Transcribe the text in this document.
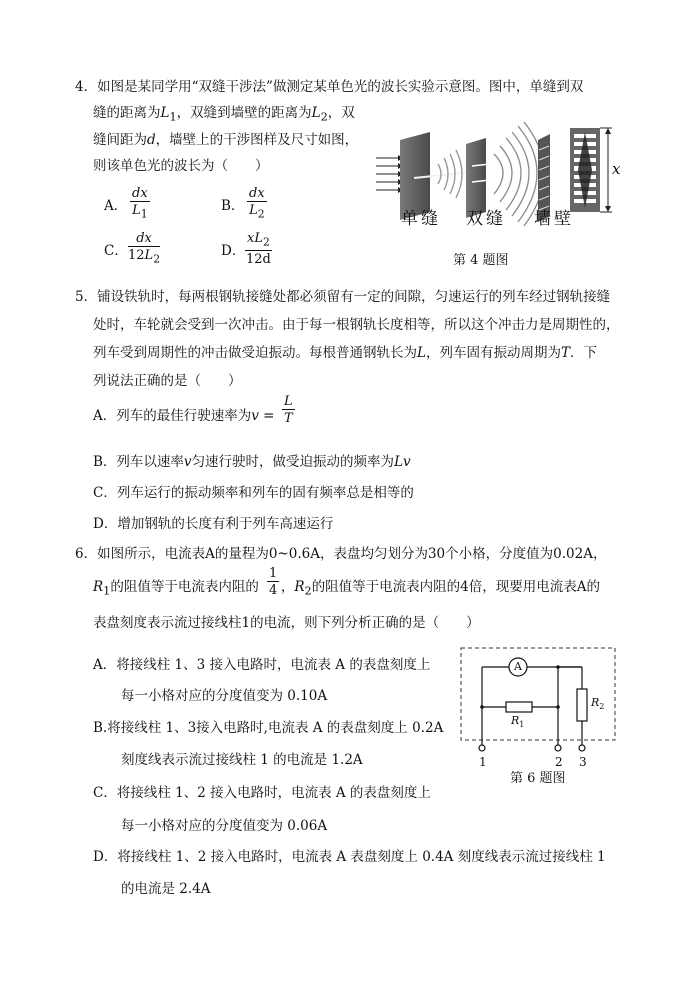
4．如图是某同学用“双缝干涉法”做测定某单色光的波长实验示意图。图中，单缝到双
缝的距离为$L_1$，双缝到墙壁的距离为$L_2$，双
缝间距为d，墙壁上的干涉图样及尺寸如图，
则该单色光的波长为（　　）
A． $\frac{dx}{L_1}$	B． $\frac{dx}{L_2}$
C． $\frac{dx}{12L_2}$	D． $\frac{xL_2}{12d}$
x
单缝 双缝 墙壁
第 4 题图
5．铺设铁轨时，每两根钢轨接缝处都必须留有一定的间隙，匀速运行的列车经过钢轨接缝
处时，车轮就会受到一次冲击。由于每一根钢轨长度相等，所以这个冲击力是周期性的，
列车受到周期性的冲击做受迫振动。每根普通钢轨长为L，列车固有振动周期为T．下
列说法正确的是（　　）
A．列车的最佳行驶速率为$v = \frac{L}{T}$
B．列车以速率v匀速行驶时，做受迫振动的频率为Lv
C．列车运行的振动频率和列车的固有频率总是相等的
D．增加钢轨的长度有利于列车高速运行
6．如图所示，电流表A的量程为0~0.6A，表盘均匀划分为30个小格，分度值为0.02A，
$R_1$的阻值等于电流表内阻的 ，$R_2$的阻值等于电流表内阻的4倍，现要用电流表A的
$\frac{1}{4}$
表盘刻度表示流过接线柱1的电流，则下列分析正确的是（　　）
A．将接线柱 1、3 接入电路时，电流表 A 的表盘刻度上
每一小格对应的分度值变为 0.10A
B.将接线柱 1、3接入电路时,电流表 A 的表盘刻度上 0.2A
刻度线表示流过接线柱 1 的电流是 1.2A
C．将接线柱 1、2 接入电路时，电流表 A 的表盘刻度上
每一小格对应的分度值变为 0.06A
D．将接线柱 1、2 接入电路时，电流表 A 表盘刻度上 0.4A 刻度线表示流过接线柱 1
的电流是 2.4A
A
$R_1$
$R_2$
1	2 3
第 6 题图
